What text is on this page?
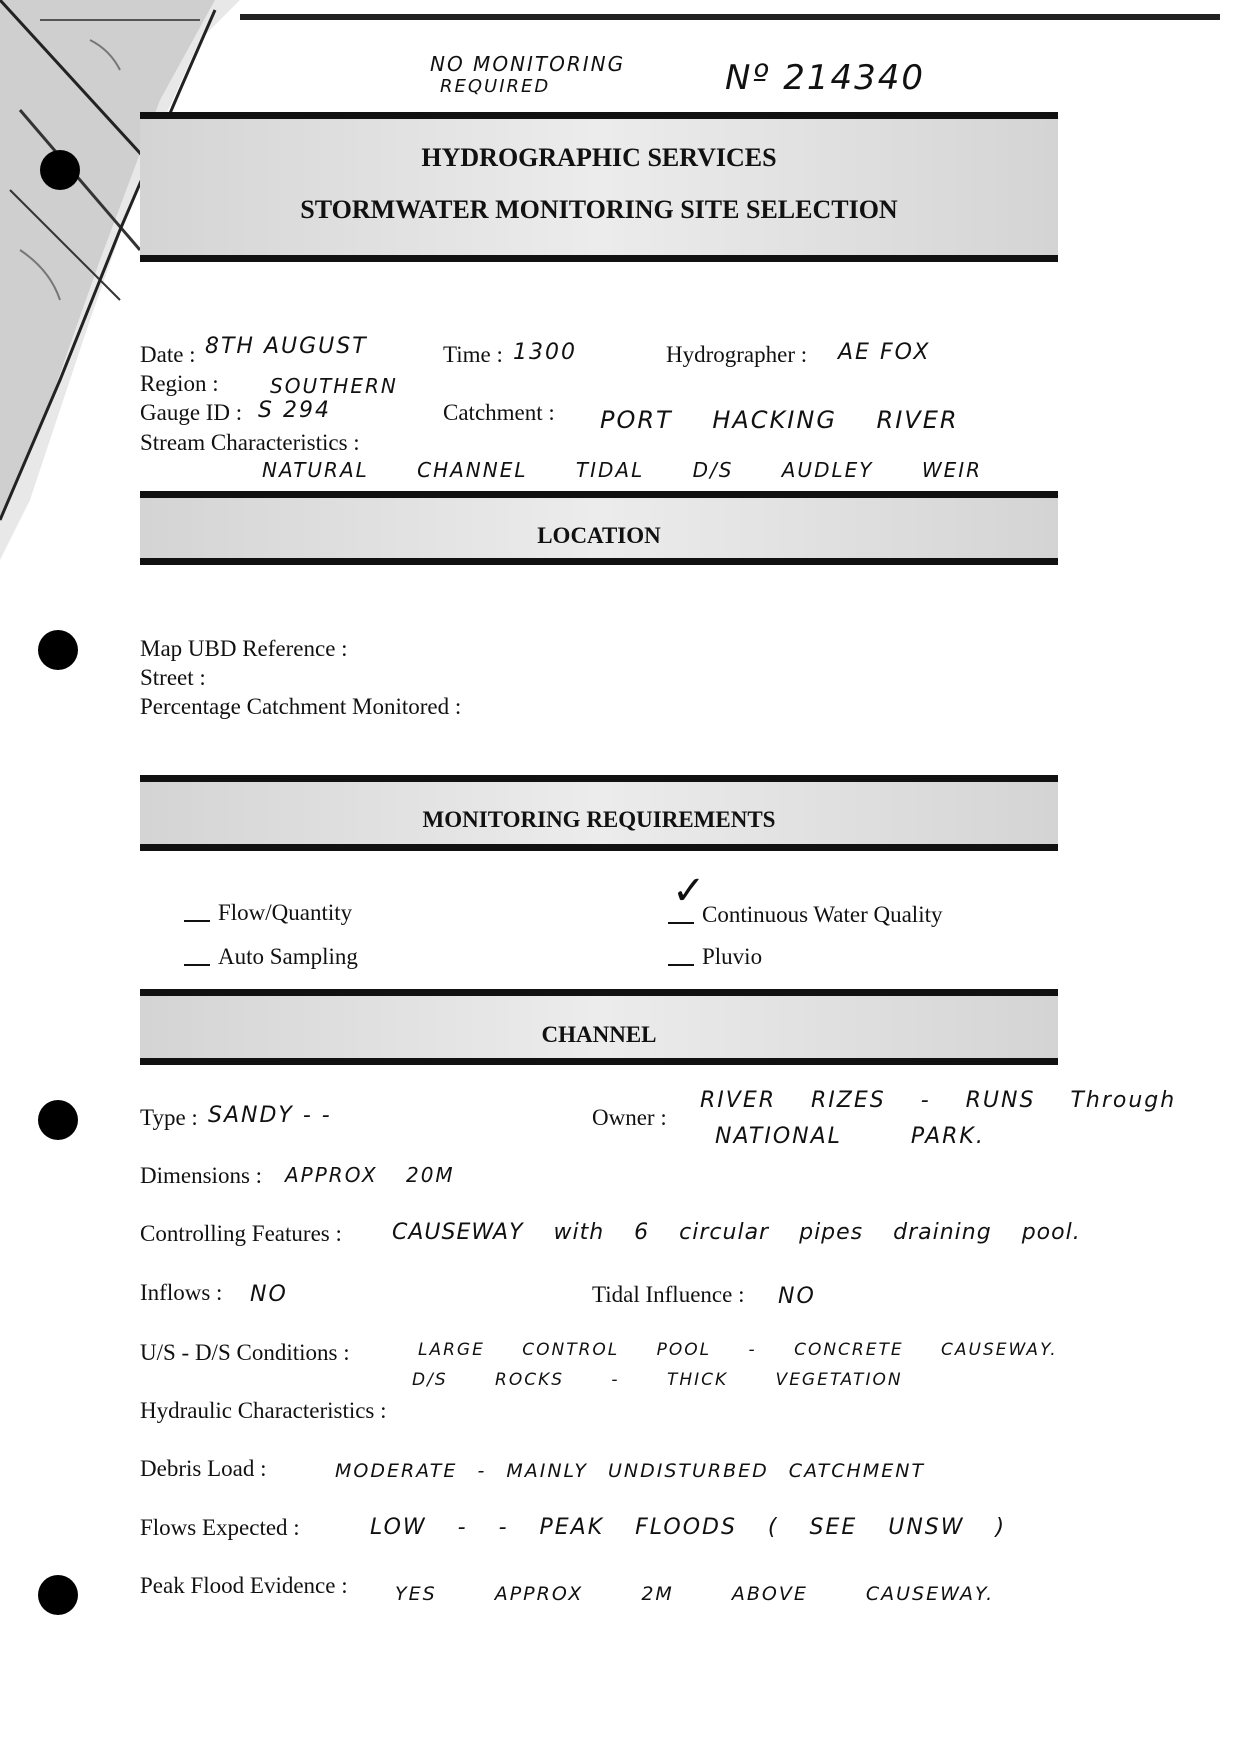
NO MONITORING
REQUIRED	Nº 214340
HYDROGRAPHIC SERVICES
STORMWATER MONITORING SITE SELECTION
Date : 8TH AUGUST	Time : 1300	Hydrographer : AE FOX
Region :	SOUTHERN
Gauge ID : S 294	Catchment : PORT HACKING RIVER
Stream Characteristics :
NATURAL CHANNEL TIDAL D/S AUDLEY WEIR
LOCATION
Map UBD Reference :
Street :
Percentage Catchment Monitored :
MONITORING REQUIREMENTS
Flow/Quantity
Auto Sampling
Continuous Water Quality
✓
Pluvio
CHANNEL
Type : SANDY - -	Owner :
RIVER RIZES - RUNS Through
NATIONAL PARK.
Dimensions : APPROX 20M
Controlling Features : CAUSEWAY with 6 circular pipes draining pool.
Inflows : NO	Tidal Influence : NO
U/S - D/S Conditions :	LARGE CONTROL POOL - CONCRETE CAUSEWAY.
D/S ROCKS - THICK VEGETATION
Hydraulic Characteristics :
Debris Load :	MODERATE - MAINLY UNDISTURBED CATCHMENT
Flows Expected :	LOW - - PEAK FLOODS ( SEE UNSW )
Peak Flood Evidence : YES APPROX 2M ABOVE CAUSEWAY.
